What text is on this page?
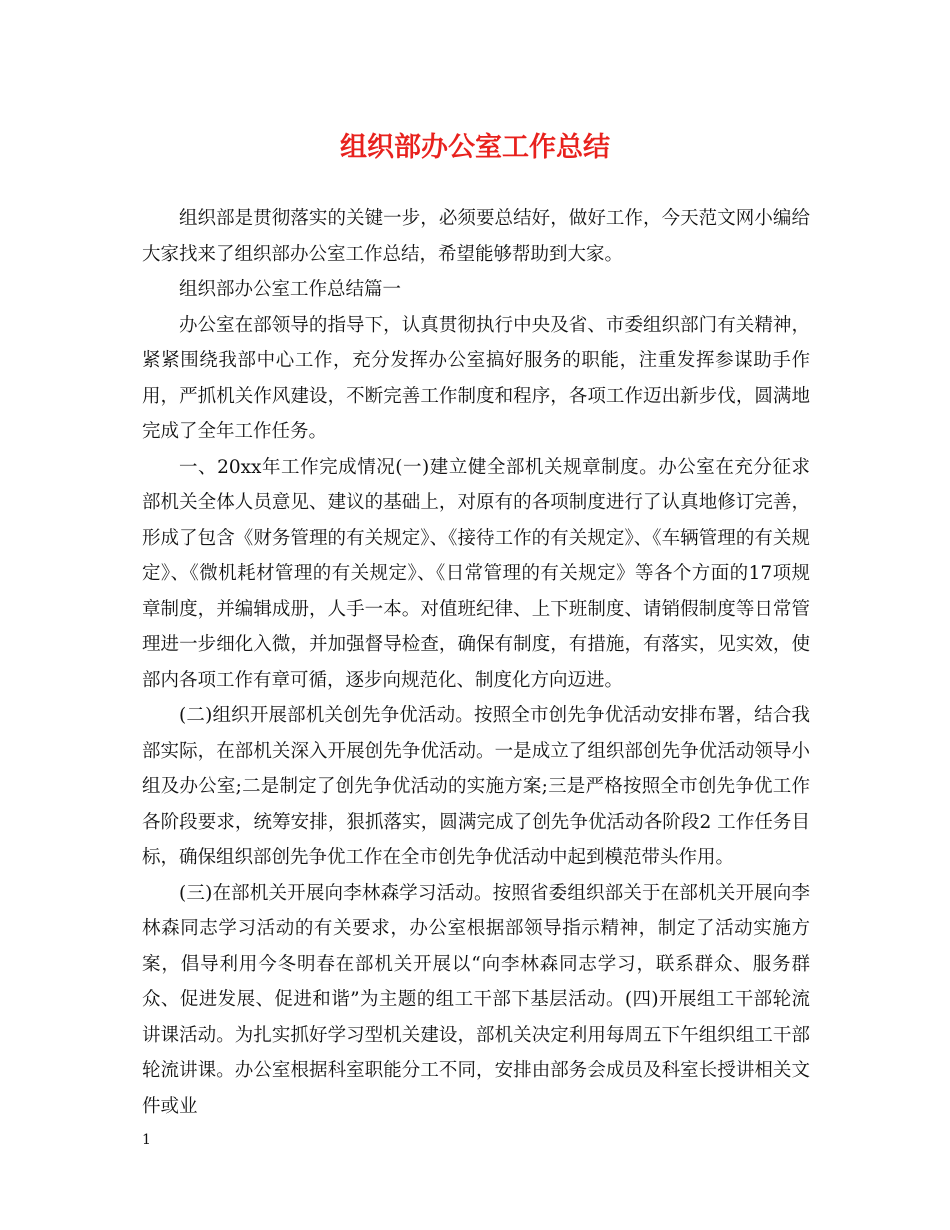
组织部办公室工作总结

组织部是贯彻落实的关键一步，必须要总结好，做好工作，今天范文网小编给大家找来了组织部办公室工作总结，希望能够帮助到大家。

组织部办公室工作总结篇一

办公室在部领导的指导下，认真贯彻执行中央及省、市委组织部门有关精神，紧紧围绕我部中心工作，充分发挥办公室搞好服务的职能，注重发挥参谋助手作用，严抓机关作风建设，不断完善工作制度和程序，各项工作迈出新步伐，圆满地完成了全年工作任务。

一、20xx年工作完成情况(一)建立健全部机关规章制度。办公室在充分征求部机关全体人员意见、建议的基础上，对原有的各项制度进行了认真地修订完善，形成了包含《财务管理的有关规定》、《接待工作的有关规定》、《车辆管理的有关规定》、《微机耗材管理的有关规定》、《日常管理的有关规定》等各个方面的17项规章制度，并编辑成册，人手一本。对值班纪律、上下班制度、请销假制度等日常管理进一步细化入微，并加强督导检查，确保有制度，有措施，有落实，见实效，使部内各项工作有章可循，逐步向规范化、制度化方向迈进。

(二)组织开展部机关创先争优活动。按照全市创先争优活动安排布署，结合我部实际，在部机关深入开展创先争优活动。一是成立了组织部创先争优活动领导小组及办公室;二是制定了创先争优活动的实施方案;三是严格按照全市创先争优工作各阶段要求，统筹安排，狠抓落实，圆满完成了创先争优活动各阶段2 工作任务目标，确保组织部创先争优工作在全市创先争优活动中起到模范带头作用。

(三)在部机关开展向李林森学习活动。按照省委组织部关于在部机关开展向李林森同志学习活动的有关要求，办公室根据部领导指示精神，制定了活动实施方案，倡导利用今冬明春在部机关开展以“向李林森同志学习，联系群众、服务群众、促进发展、促进和谐”为主题的组工干部下基层活动。(四)开展组工干部轮流讲课活动。为扎实抓好学习型机关建设，部机关决定利用每周五下午组织组工干部轮流讲课。办公室根据科室职能分工不同，安排由部务会成员及科室长授讲相关文件或业

1
